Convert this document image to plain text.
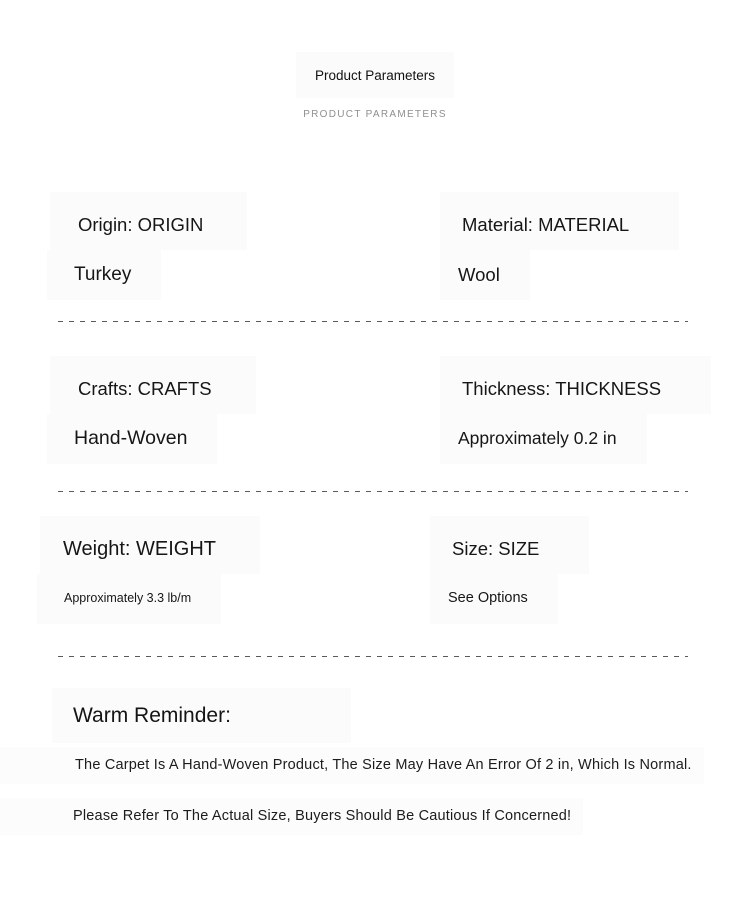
Product Parameters
PRODUCT PARAMETERS
Origin: ORIGIN
Turkey
Material: MATERIAL
Wool
Crafts: CRAFTS
Hand-Woven
Thickness: THICKNESS
Approximately 0.2 in
Weight: WEIGHT
Approximately 3.3 lb/m
Size: SIZE
See Options
Warm Reminder:
The Carpet Is A Hand-Woven Product, The Size May Have An Error Of 2 in, Which Is Normal.
Please Refer To The Actual Size, Buyers Should Be Cautious If Concerned!
